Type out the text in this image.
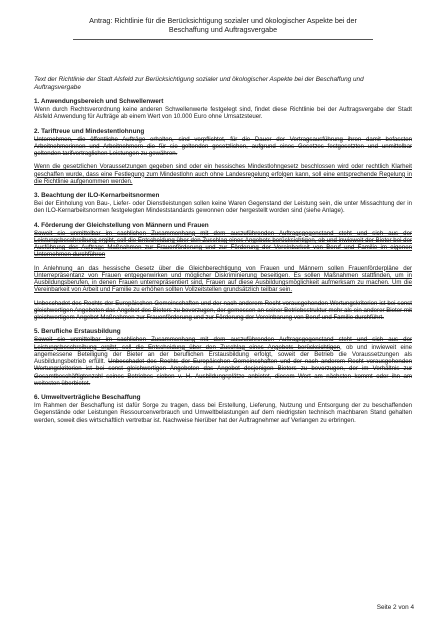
Antrag: Richtlinie für die Berücksichtigung sozialer und ökologischer Aspekte bei der
Beschaffung und Auftragsvergabe
Text der Richtlinie der Stadt Alsfeld zur Berücksichtigung sozialer und ökologischer Aspekte bei der Beschaffung und Auftragsvergabe
1. Anwendungsbereich und Schwellenwert
Wenn durch Rechtsverordnung keine anderen Schwellenwerte festgelegt sind, findet diese Richtlinie bei der Auftragsvergabe der Stadt Alsfeld Anwendung für Aufträge ab einem Wert von 10.000 Euro ohne Umsatzsteuer.
2. Tariftreue und Mindestentlohnung
Unternehmen, die öffentliche Aufträge erhalten, sind verpflichtet, für die Dauer der Vertragsausführung ihren damit befassten Arbeitnehmerinnen und Arbeitnehmern die für sie geltenden gesetzlichen, aufgrund eines Gesetzes festgesetzten und unmittelbar geltenden tarifvertraglichen Leistungen zu gewähren.
Wenn die gesetzlichen Voraussetzungen gegeben sind oder ein hessisches Mindestlohngesetz beschlossen wird oder rechtlich Klarheit geschaffen wurde, dass eine Festlegung zum Mindestlohn auch ohne Landesregelung erfolgen kann, soll eine entsprechende Regelung in die Richtlinie aufgenommen werden.
3. Beachtung der ILO-Kernarbeitsnormen
Bei der Einholung von Bau-, Liefer- oder Dienstleistungen sollen keine Waren Gegenstand der Leistung sein, die unter Missachtung der in den ILO-Kernarbeitsnormen festgelegten Mindeststandards gewonnen oder hergestellt worden sind (siehe Anlage).
4. Förderung der Gleichstellung von Männern und Frauen
Soweit sie unmittelbar im sachlichen Zusammenhang mit dem auszuführenden Auftragsgegenstand steht und sich aus der Leistungsbeschreibung ergibt, soll die Entscheidung über den Zuschlag eines Angebots berücksichtigen, ob und inwieweit der Bieter bei der Ausführung des Auftrags Maßnahmen zur Frauenförderung und zur Förderung der Vereinbarkeit von Beruf und Familie im eigenen Unternehmen durchführen
In Anlehnung an das hessische Gesetz über die Gleichberechtigung von Frauen und Männern sollen Frauenförderpläne der Unterrepräsentanz von Frauen entgegenwirken und möglicher Diskriminierung beseitigen. Es sollen Maßnahmen stattfinden, um in Ausbildungsberufen, in denen Frauen unterrepräsentiert sind, Frauen auf diese Ausbildungsmöglichkeit aufmerksam zu machen. Um die Vereinbarkeit von Arbeit und Familie zu erhöhen sollten Vollzeitstellen grundsätzlich teilbar sein.
Unbeschadet des Rechts der Europäischen Gemeinschaften und der nach anderem Recht vorausgehenden Wertungskriterien ist bei sonst gleichwertigen Angeboten das Angebot des Bieters zu bevorzugen, der gemessen an seiner Betriebsstruktur mehr als ein anderer Bieter mit gleichwertigem Angebot Maßnahmen zur Frauenförderung und zur Förderung der Vereinbarung von Beruf und Familie durchführt.
5. Berufliche Erstausbildung
Soweit sie unmittelbar im sachlichen Zusammenhang mit dem auszuführenden Auftragsgegenstand steht und sich aus der Leistungsbeschreibung ergibt, soll die Entscheidung über den Zuschlag eines Angebots berücksichtigen, ob und inwieweit eine angemessene Beteiligung der Bieter an der beruflichen Erstausbildung erfolgt, soweit der Betrieb die Voraussetzungen als Ausbildungsbetrieb erfüllt. Unbeschadet des Rechts der Europäischen Gemeinschaften und der nach anderem Recht vorausgehenden Wertungskriterien ist bei sonst gleichwertigen Angeboten das Angebot desjenigen Bieters zu bevorzugen, der im Verhältnis zur Gesamtbeschäftigtenzahl seines Betriebes sieben v. H. Ausbildungsplätze anbietet, diesem Wert am nächsten kommt oder ihn am weitesten überbietet.
6. Umweltverträgliche Beschaffung
Im Rahmen der Beschaffung ist dafür Sorge zu tragen, dass bei Erstellung, Lieferung, Nutzung und Entsorgung der zu beschaffenden Gegenstände oder Leistungen Ressourcenverbrauch und Umweltbelastungen auf dem niedrigsten technisch machbaren Stand gehalten werden, soweit dies wirtschaftlich vertretbar ist. Nachweise hierüber hat der Auftragnehmer auf Verlangen zu erbringen.
Seite 2 von 4
